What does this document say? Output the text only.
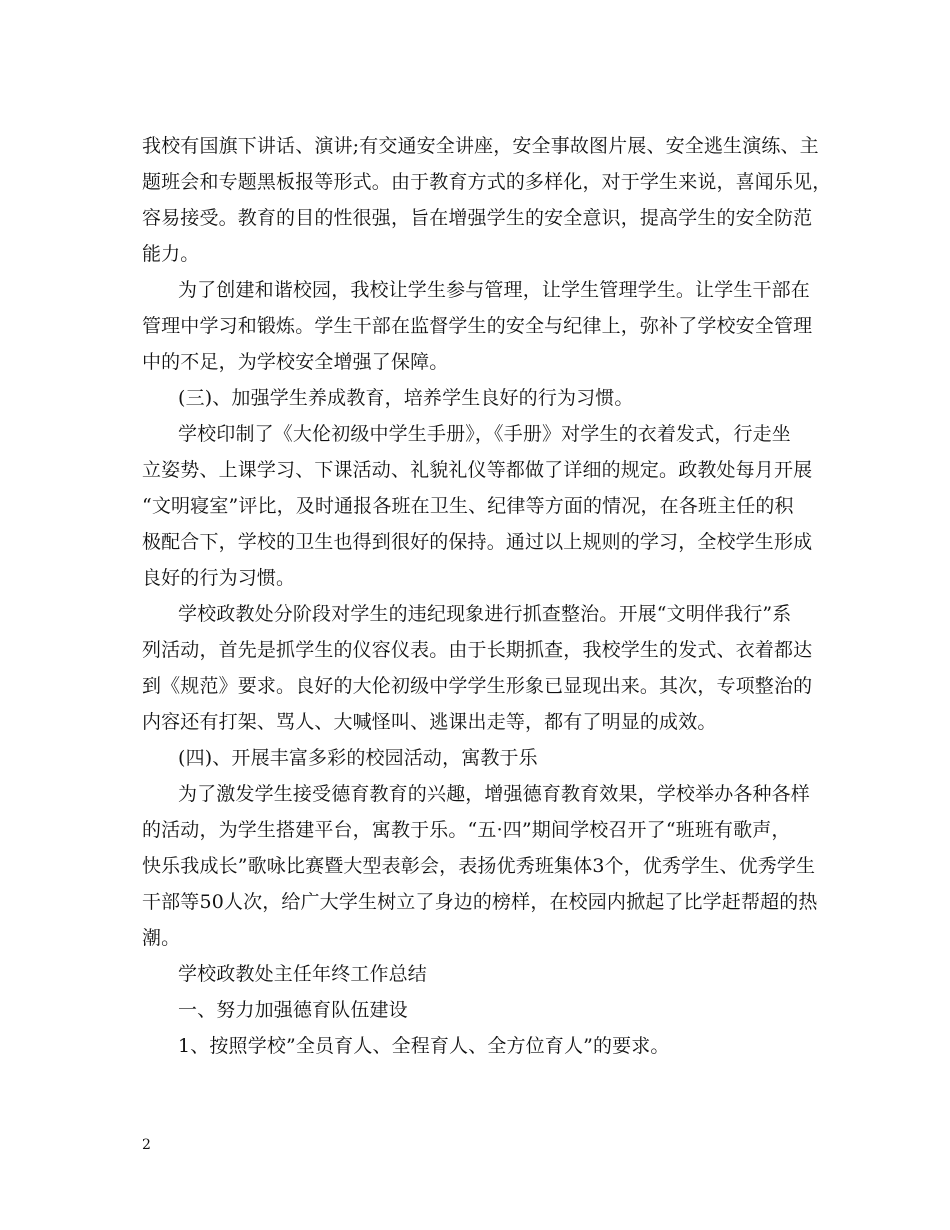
我校有国旗下讲话、演讲;有交通安全讲座，安全事故图片展、安全逃生演练、主
题班会和专题黑板报等形式。由于教育方式的多样化，对于学生来说，喜闻乐见，
容易接受。教育的目的性很强，旨在增强学生的安全意识，提高学生的安全防范
能力。
为了创建和谐校园，我校让学生参与管理，让学生管理学生。让学生干部在
管理中学习和锻炼。学生干部在监督学生的安全与纪律上，弥补了学校安全管理
中的不足，为学校安全增强了保障。
(三)、加强学生养成教育，培养学生良好的行为习惯。
学校印制了《大伦初级中学生手册》，《手册》对学生的衣着发式，行走坐
立姿势、上课学习、下课活动、礼貌礼仪等都做了详细的规定。政教处每月开展
“文明寝室”评比，及时通报各班在卫生、纪律等方面的情况，在各班主任的积
极配合下，学校的卫生也得到很好的保持。通过以上规则的学习，全校学生形成
良好的行为习惯。
学校政教处分阶段对学生的违纪现象进行抓查整治。开展“文明伴我行”系
列活动，首先是抓学生的仪容仪表。由于长期抓查，我校学生的发式、衣着都达
到《规范》要求。良好的大伦初级中学学生形象已显现出来。其次，专项整治的
内容还有打架、骂人、大喊怪叫、逃课出走等，都有了明显的成效。
(四)、开展丰富多彩的校园活动，寓教于乐
为了激发学生接受德育教育的兴趣，增强德育教育效果，学校举办各种各样
的活动，为学生搭建平台，寓教于乐。“五·四”期间学校召开了“班班有歌声，
快乐我成长”歌咏比赛暨大型表彰会，表扬优秀班集体3个，优秀学生、优秀学生
干部等50人次，给广大学生树立了身边的榜样，在校园内掀起了比学赶帮超的热
潮。
学校政教处主任年终工作总结
一、努力加强德育队伍建设
1、按照学校”全员育人、全程育人、全方位育人”的要求。
2
